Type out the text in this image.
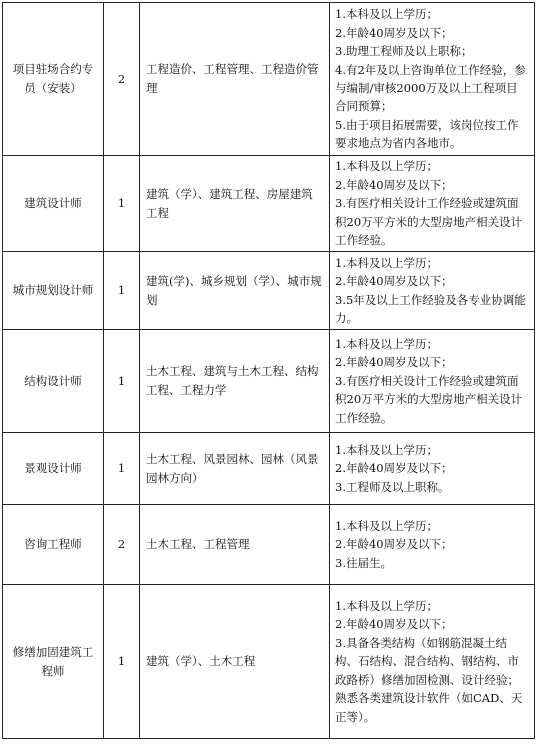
项目驻场合约专员（安装）	2	工程造价、工程管理、工程造价管理	1.本科及以上学历；
2.年龄40周岁及以下；
3.助理工程师及以上职称；
4.有2年及以上咨询单位工作经验，参与编制/审核2000万及以上工程项目合同预算；
5.由于项目拓展需要，该岗位按工作要求地点为省内各地市。

建筑设计师	1	建筑（学）、建筑工程、房屋建筑工程	1.本科及以上学历；
2.年龄40周岁及以下；
3.有医疗相关设计工作经验或建筑面积20万平方米的大型房地产相关设计工作经验。

城市规划设计师	1	建筑(学)、城乡规划（学）、城市规划	1.本科及以上学历；
2.年龄40周岁及以下；
3.5年及以上工作经验及各专业协调能力。

结构设计师	1	土木工程、建筑与土木工程、结构工程、工程力学	1.本科及以上学历；
2.年龄40周岁及以下；
3.有医疗相关设计工作经验或建筑面积20万平方米的大型房地产相关设计工作经验。

景观设计师	1	土木工程、风景园林、园林（风景园林方向）	1.本科及以上学历；
2.年龄40周岁及以下；
3.工程师及以上职称。

咨询工程师	2	土木工程、工程管理	1.本科及以上学历；
2.年龄40周岁及以下；
3.往届生。

修缮加固建筑工程师	1	建筑（学）、土木工程	1.本科及以上学历；
2.年龄40周岁及以下；
3.具备各类结构（如钢筋混凝土结构、石结构、混合结构、钢结构、市政路桥）修缮加固检测、设计经验；熟悉各类建筑设计软件（如CAD、天正等）。
